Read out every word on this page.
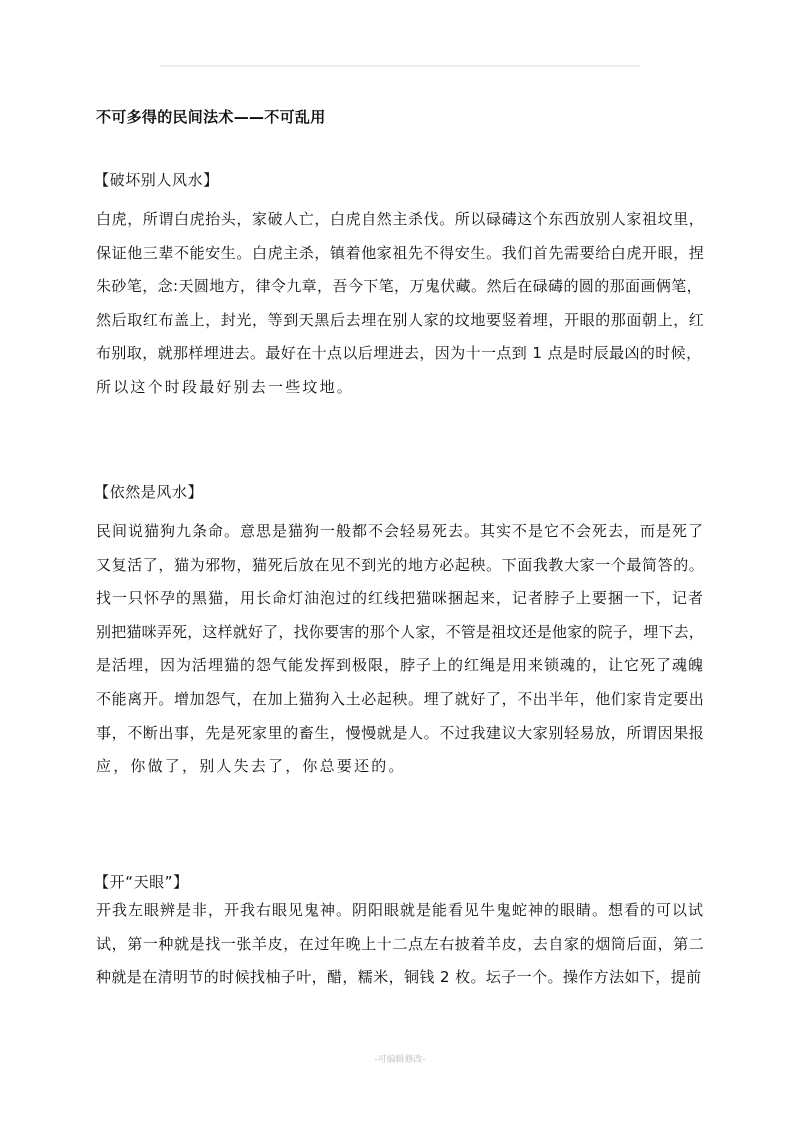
不可多得的民间法术——不可乱用
【破坏别人风水】
白虎，所谓白虎抬头，家破人亡，白虎自然主杀伐。所以碌碡这个东西放别人家祖坟里，
保证他三辈不能安生。白虎主杀，镇着他家祖先不得安生。我们首先需要给白虎开眼，捏
朱砂笔，念:天圆地方，律令九章，吾今下笔，万鬼伏藏。然后在碌碡的圆的那面画俩笔，
然后取红布盖上，封光，等到天黑后去埋在别人家的坟地要竖着埋，开眼的那面朝上，红
布别取，就那样埋进去。最好在十点以后埋进去，因为十一点到 1 点是时辰最凶的时候，
所以这个时段最好别去一些坟地。
【依然是风水】
民间说猫狗九条命。意思是猫狗一般都不会轻易死去。其实不是它不会死去，而是死了
又复活了，猫为邪物，猫死后放在见不到光的地方必起秧。下面我教大家一个最简答的。
找一只怀孕的黑猫，用长命灯油泡过的红线把猫咪捆起来，记者脖子上要捆一下，记者
别把猫咪弄死，这样就好了，找你要害的那个人家，不管是祖坟还是他家的院子，埋下去，
是活埋，因为活埋猫的怨气能发挥到极限，脖子上的红绳是用来锁魂的，让它死了魂魄
不能离开。增加怨气，在加上猫狗入土必起秧。埋了就好了，不出半年，他们家肯定要出
事，不断出事，先是死家里的畜生，慢慢就是人。不过我建议大家别轻易放，所谓因果报
应，你做了，别人失去了，你总要还的。
【开“天眼”】
开我左眼辨是非，开我右眼见鬼神。阴阳眼就是能看见牛鬼蛇神的眼睛。想看的可以试
试，第一种就是找一张羊皮，在过年晚上十二点左右披着羊皮，去自家的烟筒后面，第二
种就是在清明节的时候找柚子叶，醋，糯米，铜钱 2 枚。坛子一个。操作方法如下，提前
-可编辑修改-
